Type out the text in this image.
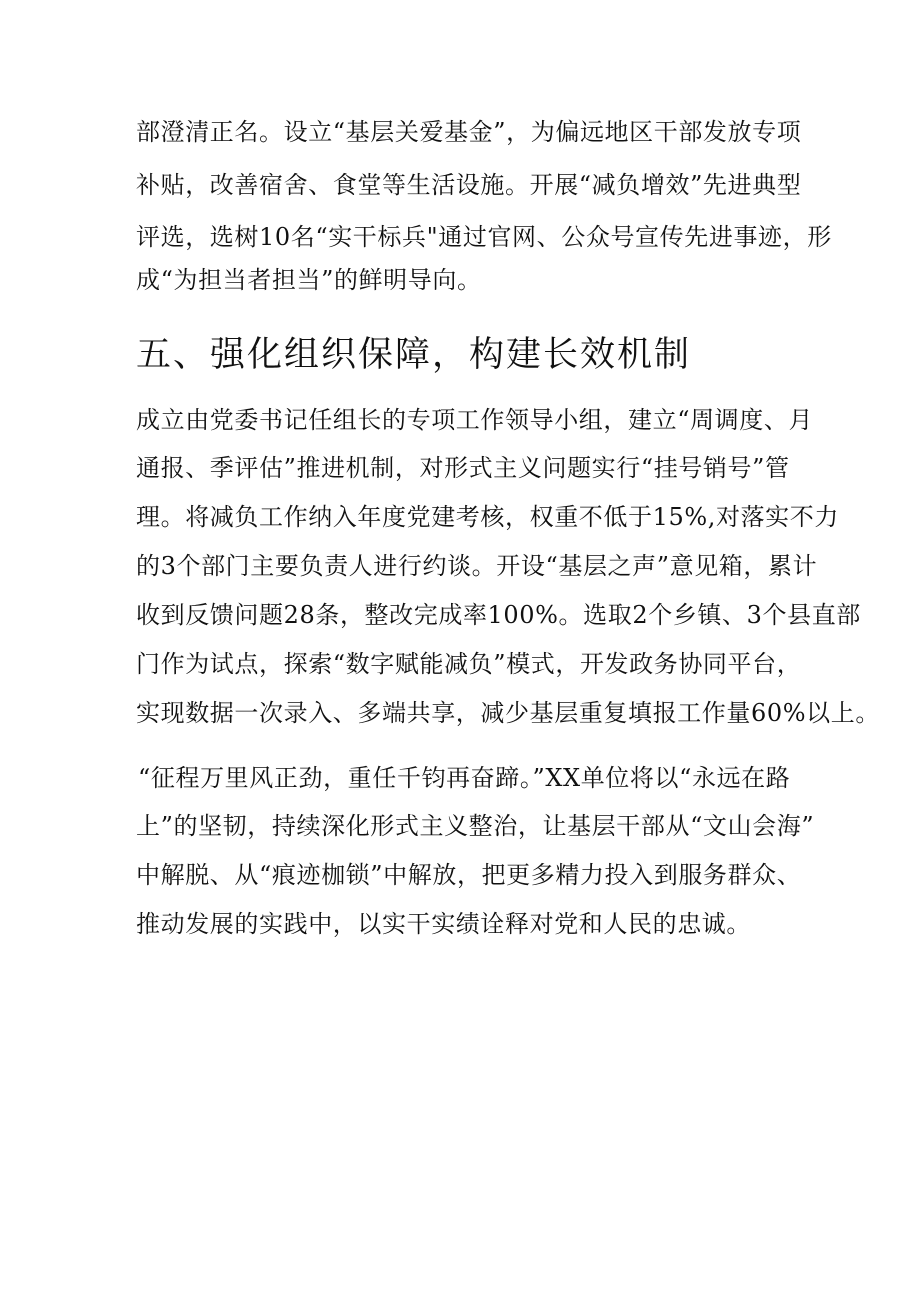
部澄清正名。设立“基层关爱基金”，为偏远地区干部发放专项
补贴，改善宿舍、食堂等生活设施。开展“减负增效”先进典型
评选，选树10名“实干标兵"通过官网、公众号宣传先进事迹，形
成“为担当者担当”的鲜明导向。
五、强化组织保障，构建长效机制
成立由党委书记任组长的专项工作领导小组，建立“周调度、月
通报、季评估”推进机制，对形式主义问题实行“挂号销号”管
理。将减负工作纳入年度党建考核，权重不低于15%,对落实不力
的3个部门主要负责人进行约谈。开设“基层之声”意见箱，累计
收到反馈问题28条，整改完成率100%。选取2个乡镇、3个县直部
门作为试点，探索“数字赋能减负”模式，开发政务协同平台，
实现数据一次录入、多端共享，减少基层重复填报工作量60%以上。
“征程万里风正劲，重任千钧再奋蹄。”XX单位将以“永远在路
上”的坚韧，持续深化形式主义整治，让基层干部从“文山会海”
中解脱、从“痕迹枷锁”中解放，把更多精力投入到服务群众、
推动发展的实践中，以实干实绩诠释对党和人民的忠诚。
